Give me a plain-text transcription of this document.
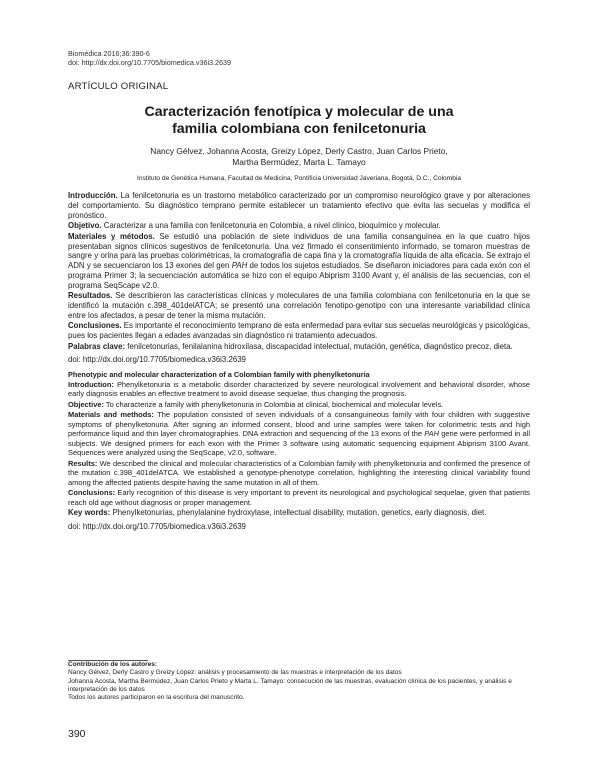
Biomédica 2016;36:390-6
doi: http://dx.doi.org/10.7705/biomedica.v36i3.2639
ARTÍCULO ORIGINAL
Caracterización fenotípica y molecular de una
familia colombiana con fenilcetonuria
Nancy Gélvez, Johanna Acosta, Greizy López, Derly Castro, Juan Carlos Prieto,
Martha Bermúdez, Marta L. Tamayo
Instituto de Genética Humana, Facultad de Medicina, Pontificia Universidad Javeriana, Bogotá, D.C., Colombia

Introducción. La fenilcetonuria es un trastorno metabólico caracterizado por un compromiso neurológico grave y por alteraciones del comportamiento. Su diagnóstico temprano permite establecer un tratamiento efectivo que evita las secuelas y modifica el pronóstico.

Objetivo. Caracterizar a una familia con fenilcetonuria en Colombia, a nivel clínico, bioquímico y molecular.

Materiales y métodos. Se estudió una población de siete individuos de una familia consanguínea en la que cuatro hijos presentaban signos clínicos sugestivos de fenilcetonuria. Una vez firmado el consentimiento informado, se tomaron muestras de sangre y orina para las pruebas colorimétricas, la cromatografía de capa fina y la cromatografía líquida de alta eficacia. Se extrajo el ADN y se secuenciaron los 13 exones del gen PAH de todos los sujetos estudiados. Se diseñaron iniciadores para cada exón con el programa Primer 3; la secuenciación automática se hizo con el equipo Abiprism 3100 Avant y, el análisis de las secuencias, con el programa SeqScape v2.0.

Resultados. Se describieron las características clínicas y moleculares de una familia colombiana con fenilcetonuria en la que se identificó la mutación c.398_401delATCA; se presentó una correlación fenotipo-genotipo con una interesante variabilidad clínica entre los afectados, a pesar de tener la misma mutación.

Conclusiones. Es importante el reconocimiento temprano de esta enfermedad para evitar sus secuelas neurológicas y psicológicas, pues los pacientes llegan a edades avanzadas sin diagnóstico ni tratamiento adecuados.

Palabras clave: fenilcetonurias, fenilalanina hidroxilasa, discapacidad intelectual, mutación, genética, diagnóstico precoz, dieta.

doi: http://dx.doi.org/10.7705/biomedica.v36i3.2639
Phenotypic and molecular characterization of a Colombian family with phenylketonuria

Introduction: Phenylketonuria is a metabolic disorder characterized by severe neurological involvement and behavioral disorder, whose early diagnosis enables an effective treatment to avoid disease sequelae, thus changing the prognosis.

Objective: To characterize a family with phenylketonuria in Colombia at clinical, biochemical and molecular levels.

Materials and methods: The population consisted of seven individuals of a consanguineous family with four children with suggestive symptoms of phenylketonuria. After signing an informed consent, blood and urine samples were taken for colorimetric tests and high performance liquid and thin layer chromatographies. DNA extraction and sequencing of the 13 exons of the PAH gene were performed in all subjects. We designed primers for each exon with the Primer 3 software using automatic sequencing equipment Abiprism 3100 Avant. Sequences were analyzed using the SeqScape, v2.0, software.

Results: We described the clinical and molecular characteristics of a Colombian family with phenylketonuria and confirmed the presence of the mutation c.398_401delATCA. We established a genotype-phenotype correlation, highlighting the interesting clinical variability found among the affected patients despite having the same mutation in all of them.

Conclusions: Early recognition of this disease is very important to prevent its neurological and psychological sequelae, given that patients reach old age without diagnosis or proper management.

Key words: Phenylketonurias, phenylalanine hydroxylase, intellectual disability, mutation, genetics, early diagnosis, diet.

doi: http://dx.doi.org/10.7705/biomedica.v36i3.2639
Contribución de los autores:
Nancy Gélvez, Derly Castro y Greizy López: análisis y procesamiento de las muestras e interpretación de los datos
Johanna Acosta, Martha Bermúdez, Juan Carlos Prieto y Marta L. Tamayo: consecución de las muestras, evaluación clínica de los pacientes, y análisis e interpretación de los datos
Todos los autores participaron en la escritura del manuscrito.
390
